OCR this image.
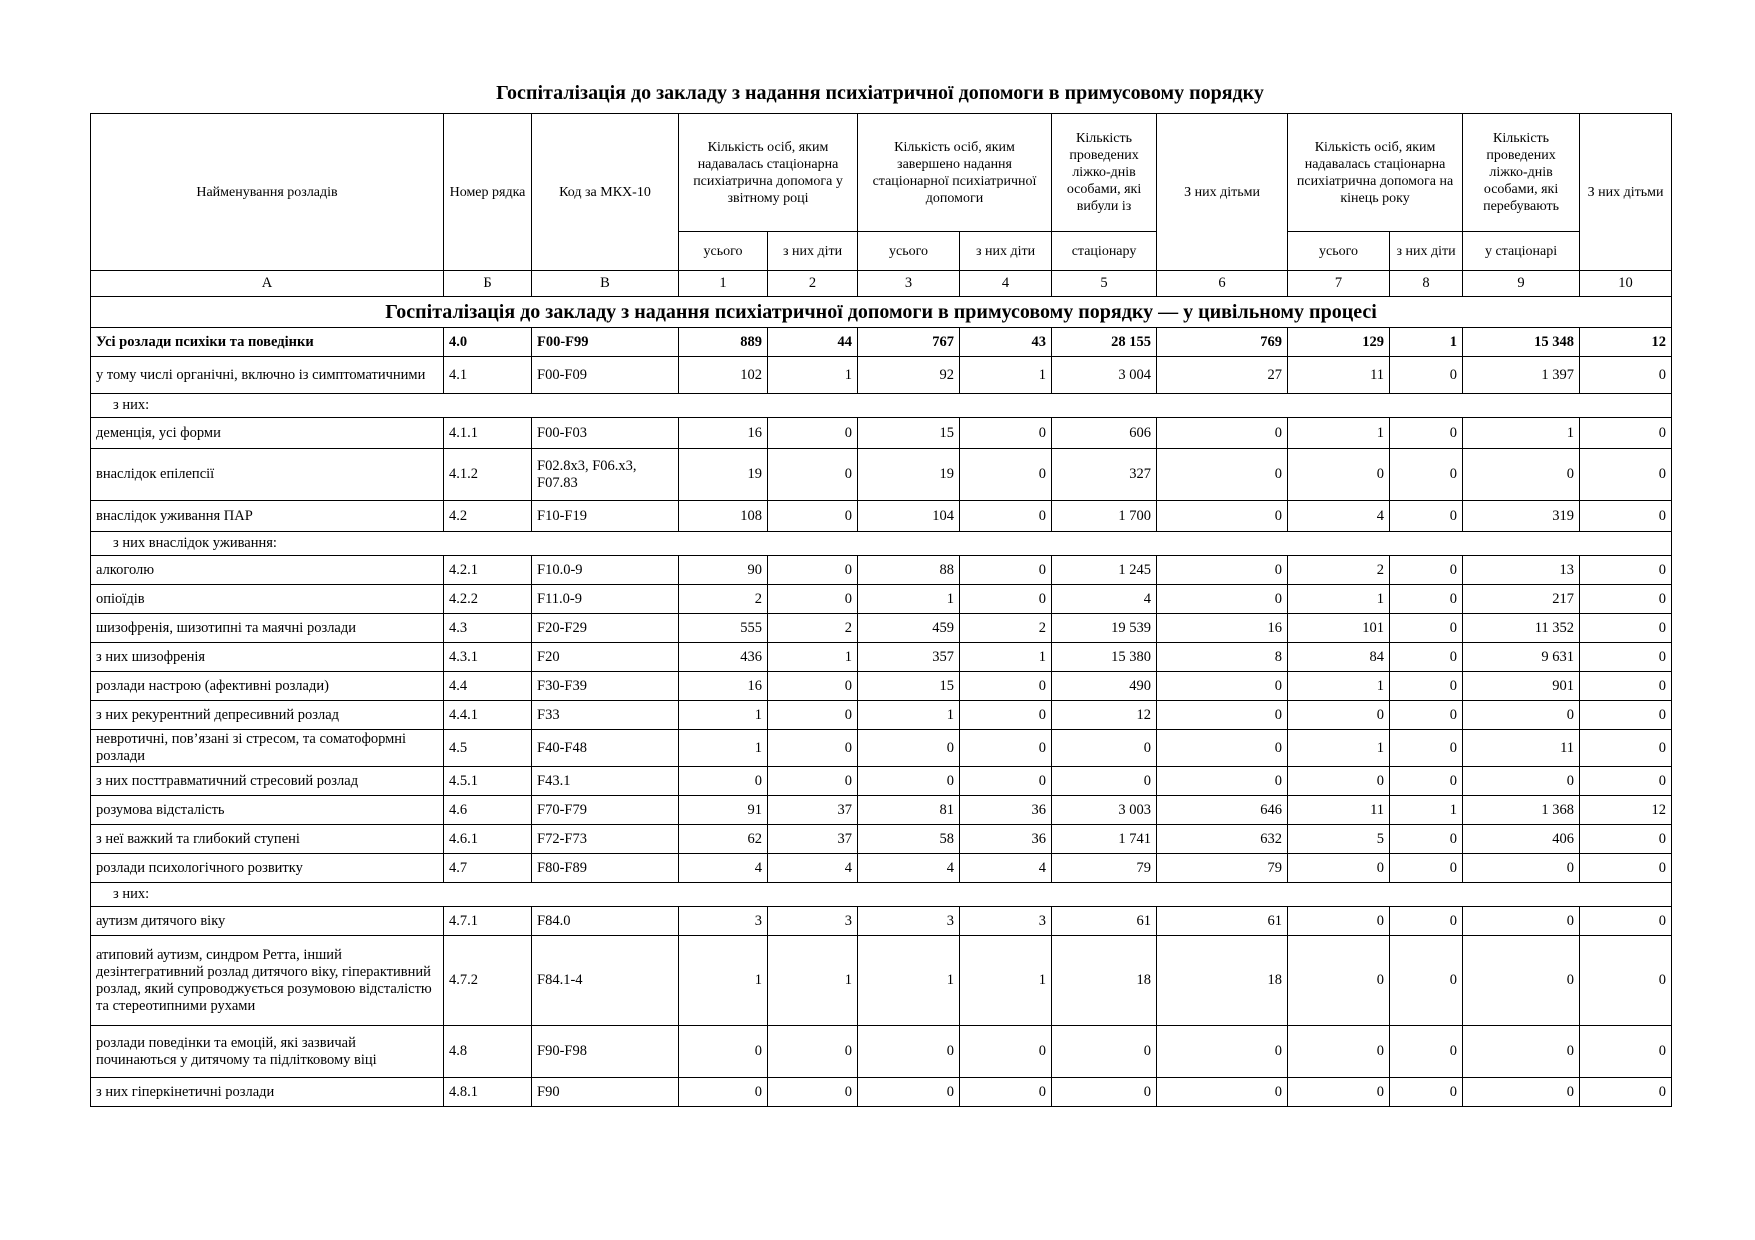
Госпіталізація до закладу з надання психіатричної допомоги в примусовому порядку
Найменування розладів	Номер рядка	Код за МКХ-10	Кількість осіб, яким надавалась стаціонарна психіатрична допомога у звітному році		Кількість осіб, яким завершено надання стаціонарної психіатричної допомоги		Кількість проведених ліжко-днів особами, які вибули із	З них дітьми	Кількість осіб, яким надавалась стаціонарна психіатрична допомога на кінець року		Кількість проведених ліжко-днів особами, які перебувають	З них дітьми
			усього	з них діти	усього	з них діти	стаціонару		усього	з них діти	у стаціонарі	
А	Б	В	1	2	3	4	5	6	7	8	9	10
Госпіталізація до закладу з надання психіатричної допомоги в примусовому порядку — у цивільному процесі												
Усі розлади психіки та поведінки	4.0	F00-F99	889	44	767	43	28 155	769	129	1	15 348	12
у тому числі органічні, включно із симптоматичними	4.1	F00-F09	102	1	92	1	3 004	27	11	0	1 397	0
з них:												
деменція, усі форми	4.1.1	F00-F03	16	0	15	0	606	0	1	0	1	0
внаслідок епілепсії	4.1.2	F02.8x3, F06.x3, F07.83	19	0	19	0	327	0	0	0	0	0
внаслідок уживання ПАР	4.2	F10-F19	108	0	104	0	1 700	0	4	0	319	0
з них внаслідок уживання:												
алкоголю	4.2.1	F10.0-9	90	0	88	0	1 245	0	2	0	13	0
опіоїдів	4.2.2	F11.0-9	2	0	1	0	4	0	1	0	217	0
шизофренія, шизотипні та маячні розлади	4.3	F20-F29	555	2	459	2	19 539	16	101	0	11 352	0
з них шизофренія	4.3.1	F20	436	1	357	1	15 380	8	84	0	9 631	0
розлади настрою (афективні розлади)	4.4	F30-F39	16	0	15	0	490	0	1	0	901	0
з них рекурентний депресивний розлад	4.4.1	F33	1	0	1	0	12	0	0	0	0	0
невротичні, пов’язані зі стресом, та соматоформні розлади	4.5	F40-F48	1	0	0	0	0	0	1	0	11	0
з них посттравматичний стресовий розлад	4.5.1	F43.1	0	0	0	0	0	0	0	0	0	0
розумова відсталість	4.6	F70-F79	91	37	81	36	3 003	646	11	1	1 368	12
з неї важкий та глибокий ступені	4.6.1	F72-F73	62	37	58	36	1 741	632	5	0	406	0
розлади психологічного розвитку	4.7	F80-F89	4	4	4	4	79	79	0	0	0	0
з них:												
аутизм дитячого віку	4.7.1	F84.0	3	3	3	3	61	61	0	0	0	0
атиповий аутизм, синдром Ретта, інший дезінтегративний розлад дитячого віку, гіперактивний розлад, який супроводжується розумовою відсталістю та стереотипними рухами	4.7.2	F84.1-4	1	1	1	1	18	18	0	0	0	0
розлади поведінки та емоцій, які зазвичай починаються у дитячому та підлітковому віці	4.8	F90-F98	0	0	0	0	0	0	0	0	0	0
з них гіперкінетичні розлади	4.8.1	F90	0	0	0	0	0	0	0	0	0	0
